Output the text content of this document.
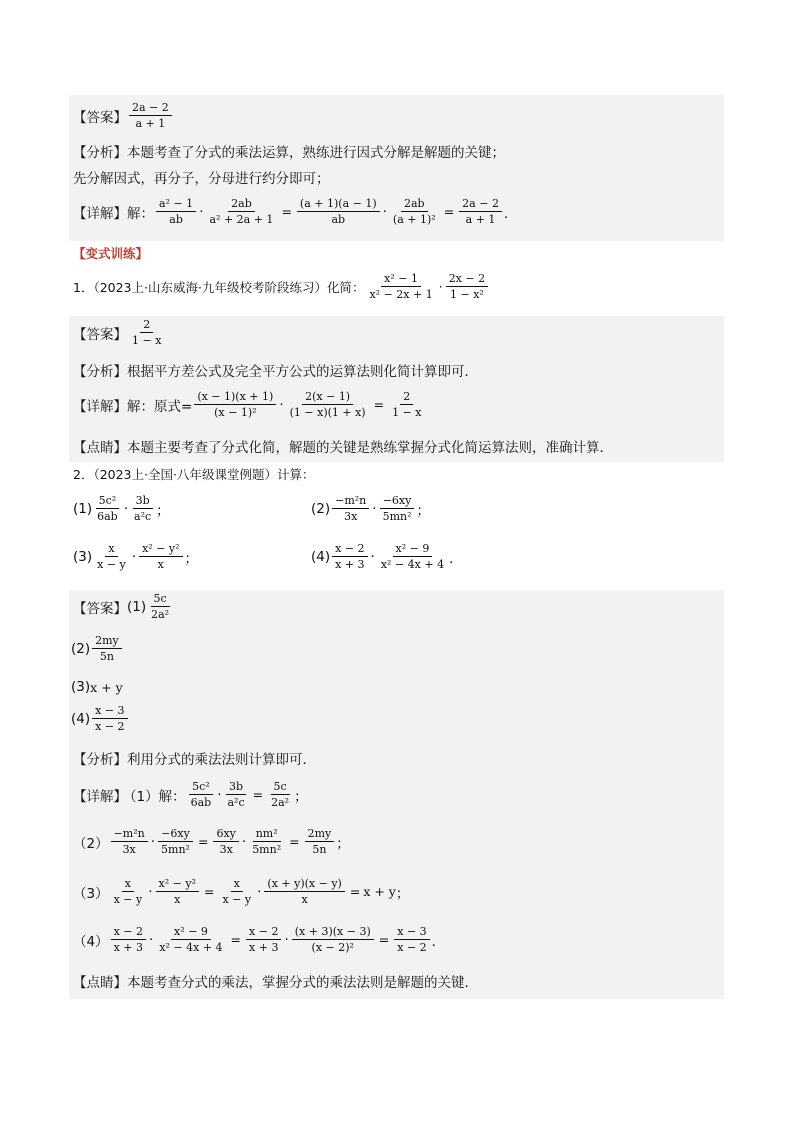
【答案】 $\frac{2a - 2}{a + 1}$
【分析】 本题考查了分式的乘法运算，熟练进行因式分解是解题的关键；
先分解因式，再分子，分母进行约分即可；
【详解】 解： $\frac{\text{a² − 1}}{ab} \cdot \frac{2ab}{\text{a² + 2a + 1}} = \frac{(a + 1)(a - 1)}{ab} \cdot \frac{2ab}{\text{(a + 1)²}} = \frac{2a - 2}{a + 1}$ ．
【变式训练】
1．（2023上·山东威海·九年级校考阶段练习）化简： $\frac{\text{x² − 1}}{\text{x² − 2x + 1}} \cdot \frac{2x - 2}{\text{1 − x²}}$
【答案】 $\frac{2}{1 - x}$
【分析】 根据平方差公式及完全平方公式的运算法则化简计算即可．
【详解】 解： 原式= $\frac{(x - 1)(x + 1)}{\text{(x − 1)²}} \cdot \frac{2(x - 1)}{(1 - x)(1 + x)} = \frac{2}{1 - x}$
【点睛】 本题主要考查了分式化简，解题的关键是熟练掌握分式化简运算法则，准确计算．
2．（2023上·全国·八年级课堂例题）计算：
$(1) \frac{\text{5c²}}{6ab} \cdot \frac{3b}{\text{a²c}}$ ；	$(2) \frac{\text{−m²n}}{3x} \cdot \frac{-6xy}{\text{5mn²}}$ ；
$(3) \frac{x}{x - y} \cdot \frac{\text{x² − y²}}{x}$ ；	$(4) \frac{x - 2}{x + 3} \cdot \frac{\text{x² − 9}}{\text{x² − 4x + 4}}$ ．
【答案】 $(1) \frac{5c}{\text{2a²}}$
$(2) \frac{2my}{5n}$
(3) x + y
$(4) \frac{x - 3}{x - 2}$
【分析】 利用分式的乘法法则计算即可．
【详解】
（1） 解： $\frac{\text{5c²}}{6ab} \cdot \frac{3b}{\text{a²c}} = \frac{5c}{\text{2a²}}$ ；
$(2) \frac{\text{−m²n}}{3x} \cdot \frac{-6xy}{\text{5mn²}} = \frac{6xy}{3x} \cdot \frac{\text{nm²}}{\text{5mn²}} = \frac{2my}{5n}$ ；
$(3) \frac{x}{x - y} \cdot \frac{\text{x² − y²}}{x} = \frac{x}{x - y} \cdot \frac{(x + y)(x - y)}{x} = x + y$ ；
$(4) \frac{x - 2}{x + 3} \cdot \frac{\text{x² − 9}}{\text{x² − 4x + 4}} = \frac{x - 2}{x + 3} \cdot \frac{(x + 3)(x - 3)}{\text{(x − 2)²}} = \frac{x - 3}{x - 2}$ ．
【点睛】 本题考查分式的乘法，掌握分式的乘法法则是解题的关键．
